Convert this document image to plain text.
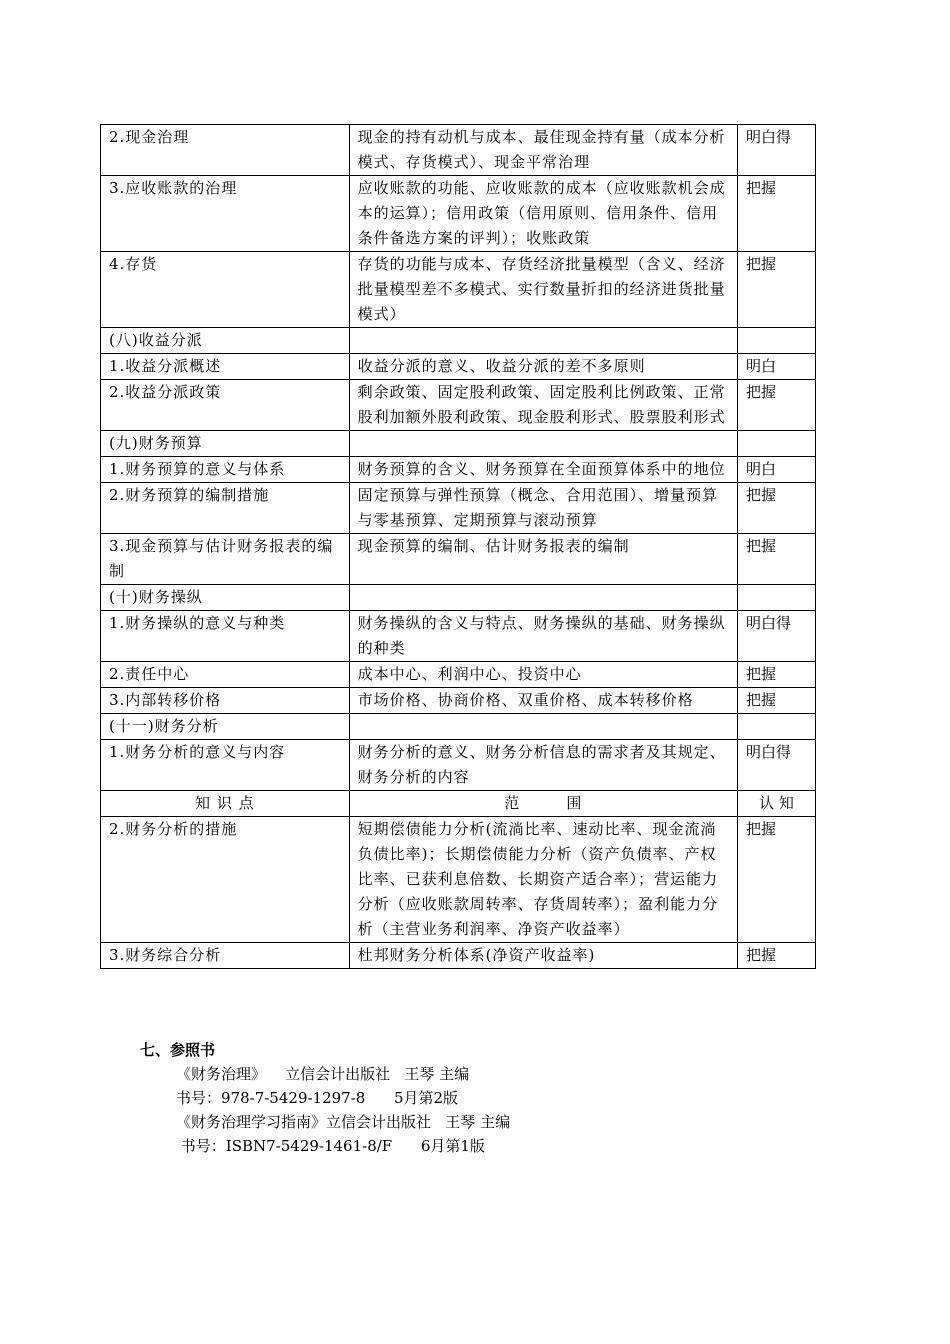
2.现金治理	现金的持有动机与成本、最佳现金持有量（成本分析模式、存货模式）、现金平常治理	明白得
3.应收账款的治理	应收账款的功能、应收账款的成本（应收账款机会成本的运算）；信用政策（信用原则、信用条件、信用条件备选方案的评判）；收账政策	把握
4.存货	存货的功能与成本、存货经济批量模型（含义、经济批量模型差不多模式、实行数量折扣的经济进货批量模式）	把握
(八)收益分派		
1.收益分派概述	收益分派的意义、收益分派的差不多原则	明白
2.收益分派政策	剩余政策、固定股利政策、固定股利比例政策、正常股利加额外股利政策、现金股利形式、股票股利形式	把握
(九)财务预算		
1.财务预算的意义与体系	财务预算的含义、财务预算在全面预算体系中的地位	明白
2.财务预算的编制措施	固定预算与弹性预算（概念、合用范围）、增量预算与零基预算、定期预算与滚动预算	把握
3.现金预算与估计财务报表的编制	现金预算的编制、估计财务报表的编制	把握
(十)财务操纵		
1.财务操纵的意义与种类	财务操纵的含义与特点、财务操纵的基础、财务操纵的种类	明白得
2.责任中心	成本中心、利润中心、投资中心	把握
3.内部转移价格	市场价格、协商价格、双重价格、成本转移价格	把握
(十一)财务分析		
1.财务分析的意义与内容	财务分析的意义、财务分析信息的需求者及其规定、财务分析的内容	明白得
知 识 点	范        围	认 知
2.财务分析的措施	短期偿债能力分析(流淌比率、速动比率、现金流淌负债比率)；长期偿债能力分析（资产负债率、产权比率、已获利息倍数、长期资产适合率）；营运能力分析（应收账款周转率、存货周转率）；盈利能力分析（主营业务利润率、净资产收益率）	把握
3.财务综合分析	杜邦财务分析体系(净资产收益率)	把握
七、参照书
《财务治理》    立信会计出版社   王琴 主编
书号：978-7-5429-1297-8      5月第2版
《财务治理学习指南》立信会计出版社   王琴 主编
书号：ISBN7-5429-1461-8/F      6月第1版
